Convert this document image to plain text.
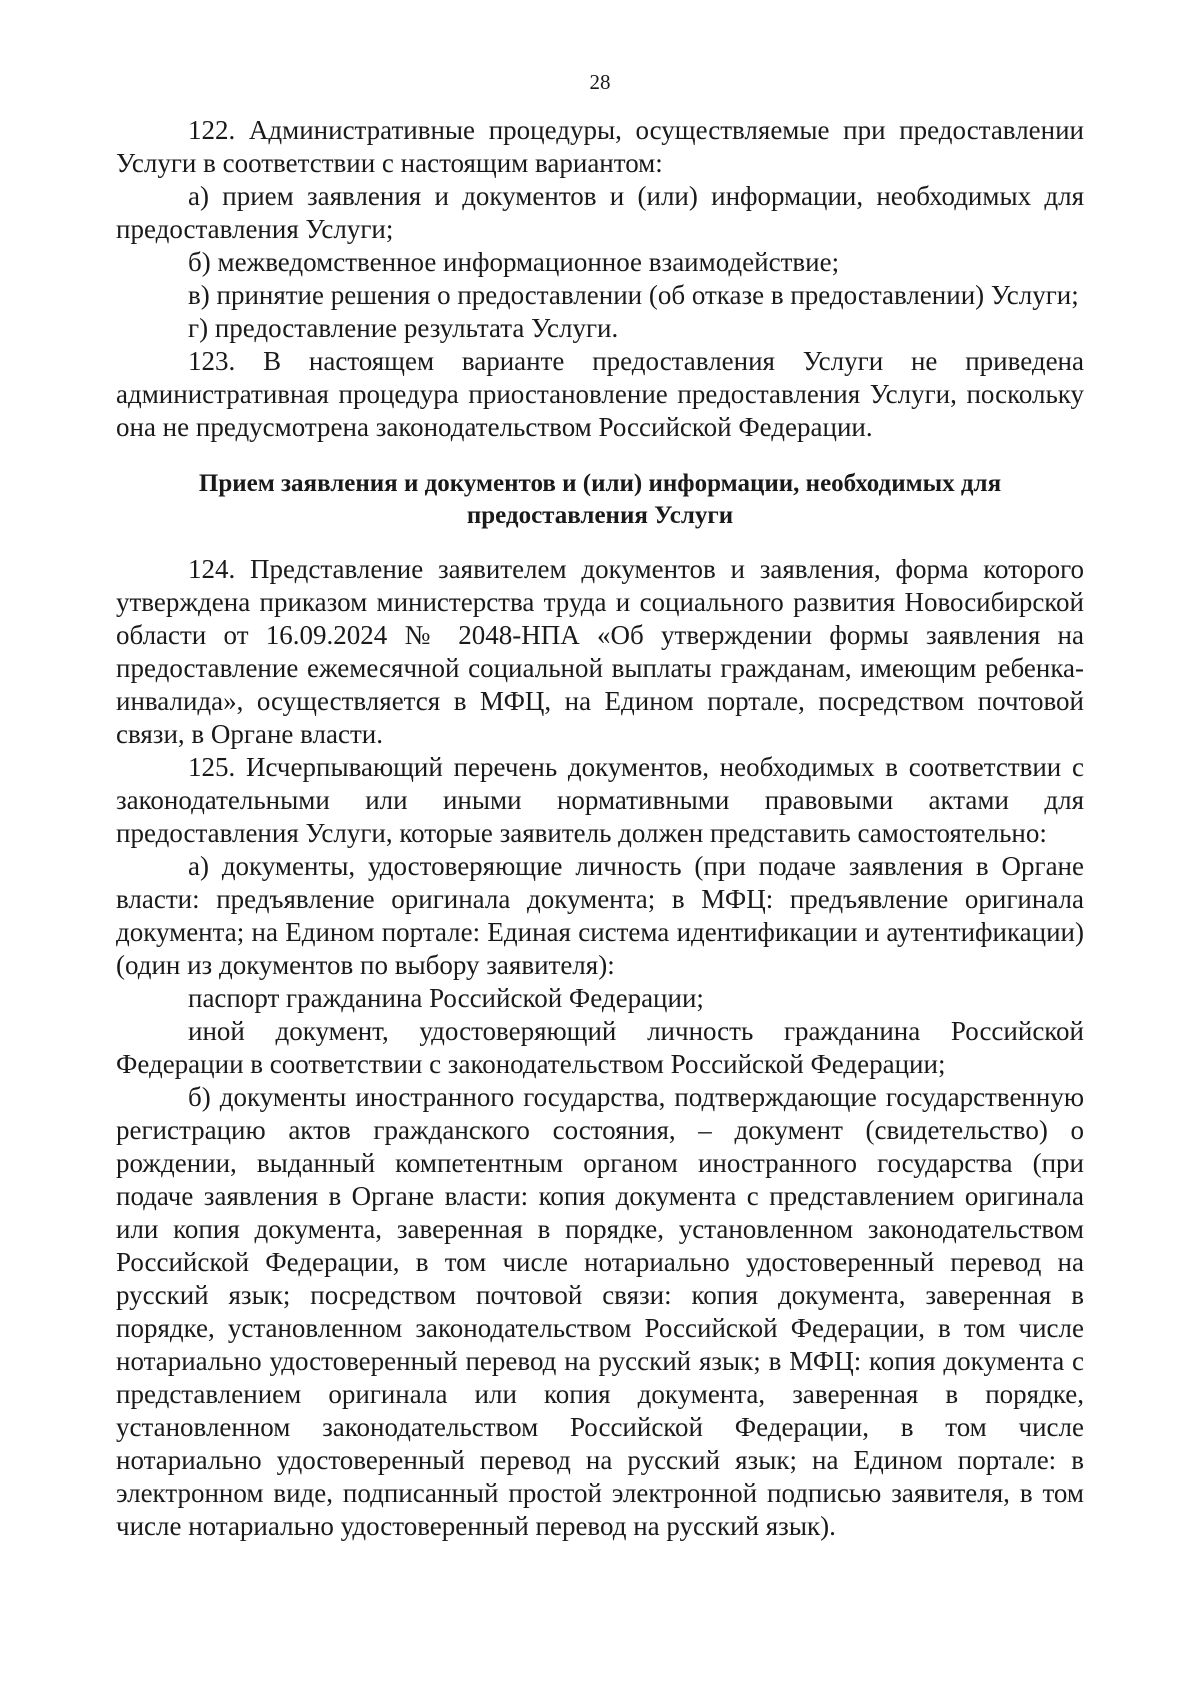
28

122. Административные процедуры, осуществляемые при предоставлении Услуги в соответствии с настоящим вариантом:

а) прием заявления и документов и (или) информации, необходимых для предоставления Услуги;

б) межведомственное информационное взаимодействие;

в) принятие решения о предоставлении (об отказе в предоставлении) Услуги;

г) предоставление результата Услуги.

123. В настоящем варианте предоставления Услуги не приведена административная процедура приостановление предоставления Услуги, поскольку она не предусмотрена законодательством Российской Федерации.

Прием заявления и документов и (или) информации, необходимых для предоставления Услуги

124. Представление заявителем документов и заявления, форма которого утверждена приказом министерства труда и социального развития Новосибирской области от 16.09.2024 № 2048-НПА «Об утверждении формы заявления на предоставление ежемесячной социальной выплаты гражданам, имеющим ребенка-инвалида», осуществляется в МФЦ, на Едином портале, посредством почтовой связи, в Органе власти.

125. Исчерпывающий перечень документов, необходимых в соответствии с законодательными или иными нормативными правовыми актами для предоставления Услуги, которые заявитель должен представить самостоятельно:

а) документы, удостоверяющие личность (при подаче заявления в Органе власти: предъявление оригинала документа; в МФЦ: предъявление оригинала документа; на Едином портале: Единая система идентификации и аутентификации) (один из документов по выбору заявителя):

паспорт гражданина Российской Федерации;

иной документ, удостоверяющий личность гражданина Российской Федерации в соответствии с законодательством Российской Федерации;

б) документы иностранного государства, подтверждающие государственную регистрацию актов гражданского состояния, – документ (свидетельство) о рождении, выданный компетентным органом иностранного государства (при подаче заявления в Органе власти: копия документа с представлением оригинала или копия документа, заверенная в порядке, установленном законодательством Российской Федерации, в том числе нотариально удостоверенный перевод на русский язык; посредством почтовой связи: копия документа, заверенная в порядке, установленном законодательством Российской Федерации, в том числе нотариально удостоверенный перевод на русский язык; в МФЦ: копия документа с представлением оригинала или копия документа, заверенная в порядке, установленном законодательством Российской Федерации, в том числе нотариально удостоверенный перевод на русский язык; на Едином портале: в электронном виде, подписанный простой электронной подписью заявителя, в том числе нотариально удостоверенный перевод на русский язык).
